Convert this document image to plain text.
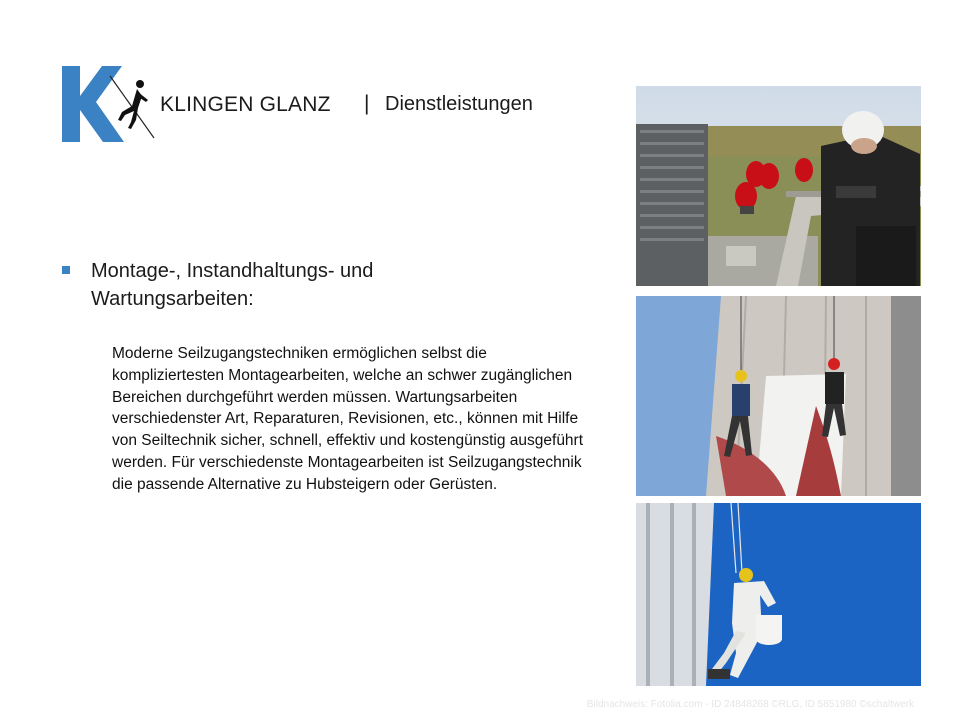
KLINGEN GLANZ | Dienstleistungen
Montage-, Instandhaltungs- und Wartungsarbeiten:
Moderne Seilzugangstechniken ermöglichen selbst die kompliziertesten Montagearbeiten, welche an schwer zugänglichen Bereichen durchgeführt werden müssen. Wartungsarbeiten verschiedenster Art, Reparaturen, Revisionen, etc., können mit Hilfe von Seiltechnik sicher, schnell, effektiv und kostengünstig ausgeführt werden. Für verschiedenste Montagearbeiten ist Seilzugangstechnik die passende Alternative zu Hubsteigern oder Gerüsten.
Bildnachweis: Fotolia.com - ID 24848268 ©RLG, ID 5851980 ©schaltwerk
